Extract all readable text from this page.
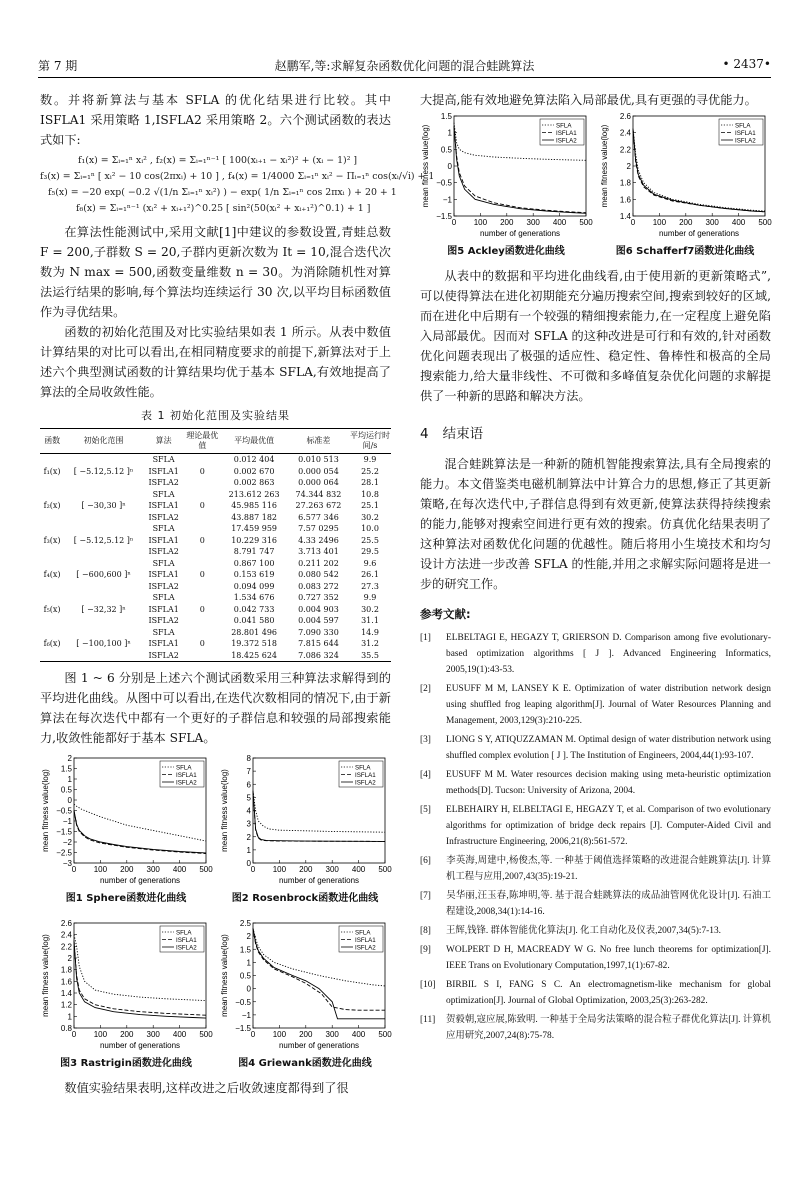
第 7 期	赵鹏军,等:求解复杂函数优化问题的混合蛙跳算法	• 2437•

数。并将新算法与基本 SFLA 的优化结果进行比较。其中 ISFLA1 采用策略 1,ISFLA2 采用策略 2。六个测试函数的表达式如下:

f₁(x) = Σᵢ₌₁ⁿ xᵢ² , f₂(x) = Σᵢ₌₁ⁿ⁻¹ [ 100(xᵢ₊₁ − xᵢ²)² + (xᵢ − 1)² ]
f₃(x) = Σᵢ₌₁ⁿ [ xᵢ² − 10 cos(2πxᵢ) + 10 ] , f₄(x) = 1/4000 Σᵢ₌₁ⁿ xᵢ² − Πᵢ₌₁ⁿ cos(xᵢ/√i) + 1
f₅(x) = −20 exp( −0.2 √(1/n Σᵢ₌₁ⁿ xᵢ²) ) − exp( 1/n Σᵢ₌₁ⁿ cos 2πxᵢ ) + 20 + 1
f₆(x) = Σᵢ₌₁ⁿ⁻¹ (xᵢ² + xᵢ₊₁²)^0.25 [ sin²(50(xᵢ² + xᵢ₊₁²)^0.1) + 1 ]

在算法性能测试中,采用文献[1]中建议的参数设置,青蛙总数 F = 200,子群数 S = 20,子群内更新次数为 It = 10,混合迭代次数为 N max = 500,函数变量维数 n = 30。为消除随机性对算法运行结果的影响,每个算法均连续运行 30 次,以平均目标函数值作为寻优结果。

函数的初始化范围及对比实验结果如表 1 所示。从表中数值计算结果的对比可以看出,在相同精度要求的前提下,新算法对于上述六个典型测试函数的计算结果均优于基本 SFLA,有效地提高了算法的全局收敛性能。

表 1 初始化范围及实验结果
函数	初始化范围	算法	理论最优值	平均最优值	标准差	平均运行时间/s
		SFLA		0.012 404	0.010 513	9.9
f₁(x)	[ −5.12,5.12 ]ⁿ	ISFLA1	0	0.002 670	0.000 054	25.2
		ISFLA2		0.002 863	0.000 064	28.1
		SFLA		213.612 263	74.344 832	10.8
f₂(x)	[ −30,30 ]ⁿ	ISFLA1	0	45.985 116	27.263 672	25.1
		ISFLA2		43.887 182	6.577 346	30.2
		SFLA		17.459 959	7.57 0295	10.0
f₃(x)	[ −5.12,5.12 ]ⁿ	ISFLA1	0	10.229 316	4.33 2496	25.5
		ISFLA2		8.791 747	3.713 401	29.5
		SFLA		0.867 100	0.211 202	9.6
f₄(x)	[ −600,600 ]ⁿ	ISFLA1	0	0.153 619	0.080 542	26.1
		ISFLA2		0.094 099	0.083 272	27.3
		SFLA		1.534 676	0.727 352	9.9
f₅(x)	[ −32,32 ]ⁿ	ISFLA1	0	0.042 733	0.004 903	30.2
		ISFLA2		0.041 580	0.004 597	31.1
		SFLA		28.801 496	7.090 330	14.9
f₆(x)	[ −100,100 ]ⁿ	ISFLA1	0	19.372 518	7.815 644	31.2
		ISFLA2		18.425 624	7.086 324	35.5

图 1 ~ 6 分别是上述六个测试函数采用三种算法求解得到的平均进化曲线。从图中可以看出,在迭代次数相同的情况下,由于新算法在每次迭代中都有一个更好的子群信息和较强的局部搜索能力,收敛性能都好于基本 SFLA。

0 100 200 300 400 500
2
1.5
1
0.5
0
−0.5
−1
−1.5
−2
−2.5
−3
number of generations
mean fitness value(log)
SFLA
ISFLA1
ISFLA2
图1 Sphere函数进化曲线
0 100 200 300 400 500
8
7
6
5
4
3
2
1
0
number of generations
mean fitness value(log)
SFLA
ISFLA1
ISFLA2
图2 Rosenbrock函数进化曲线
0 100 200 300 400 500
2.6
2.4
2.2
2
1.8
1.6
1.4
1.2
1
0.8
number of generations
mean fitness value(log)
SFLA
ISFLA1
ISFLA2
图3 Rastrigin函数进化曲线
0 100 200 300 400 500
2.5
2
1.5
1
0.5
0
−0.5
−1
−1.5
number of generations
mean fitness value(log)
SFLA
ISFLA1
ISFLA2
图4 Griewank函数进化曲线

数值实验结果表明,这样改进之后收敛速度都得到了很

大提高,能有效地避免算法陷入局部最优,具有更强的寻优能力。

0 100 200 300 400 500
1.5
1
0.5
0
−0.5
−1
−1.5
number of generations
mean fitness value(log)	SFLA
ISFLA1
ISFLA2
图5 Ackley函数进化曲线
0 100 200 300 400 500
2.6
2.4
2.2
2
1.8
1.6
1.4
number of generations
mean fitness value(log)	SFLA
ISFLA1
ISFLA2
图6 Schafferf7函数进化曲线

从表中的数据和平均进化曲线看,由于使用新的更新策略式”,可以使得算法在进化初期能充分遍历搜索空间,搜索到较好的区域,而在进化中后期有一个较强的精细搜索能力,在一定程度上避免陷入局部最优。因而对 SFLA 的这种改进是可行和有效的,针对函数优化问题表现出了极强的适应性、稳定性、鲁棒性和极高的全局搜索能力,给大量非线性、不可微和多峰值复杂优化问题的求解提供了一种新的思路和解决方法。

4 结束语

混合蛙跳算法是一种新的随机智能搜索算法,具有全局搜索的能力。本文借鉴类电磁机制算法中计算合力的思想,修正了其更新策略,在每次迭代中,子群信息得到有效更新,使算法获得持续搜索的能力,能够对搜索空间进行更有效的搜索。仿真优化结果表明了这种算法对函数优化问题的优越性。随后将用小生境技术和均匀设计方法进一步改善 SFLA 的性能,并用之求解实际问题将是进一步的研究工作。

参考文献:
[1] ELBELTAGI E, HEGAZY T, GRIERSON D. Comparison among five evolutionary-based optimization algorithms [ J ]. Advanced Engineering Informatics, 2005,19(1):43-53.
[2] EUSUFF M M, LANSEY K E. Optimization of water distribution network design using shuffled frog leaping algorithm[J]. Journal of Water Resources Planning and Management, 2003,129(3):210-225.
[3] LIONG S Y, ATIQUZZAMAN M. Optimal design of water distribution network using shuffled complex evolution [ J ]. The Institution of Engineers, 2004,44(1):93-107.
[4] EUSUFF M M. Water resources decision making using meta-heuristic optimization methods[D]. Tucson: University of Arizona, 2004.
[5] ELBEHAIRY H, ELBELTAGI E, HEGAZY T, et al. Comparison of two evolutionary algorithms for optimization of bridge deck repairs [J]. Computer-Aided Civil and Infrastructure Engineering, 2006,21(8):561-572.
[6] 李英海,周建中,杨俊杰,等. 一种基于阈值选择策略的改进混合蛙跳算法[J]. 计算机工程与应用,2007,43(35):19-21.
[7] 吴华丽,汪玉春,陈坤明,等. 基于混合蛙跳算法的成品油管网优化设计[J]. 石油工程建设,2008,34(1):14-16.
[8] 王辉,钱锋. 群体智能优化算法[J]. 化工自动化及仪表,2007,34(5):7-13.
[9] WOLPERT D H, MACREADY W G. No free lunch theorems for optimization[J]. IEEE Trans on Evolutionary Computation,1997,1(1):67-82.
[10] BIRBIL S I, FANG S C. An electromagnetism-like mechanism for global optimization[J]. Journal of Global Optimization, 2003,25(3):263-282.
[11] 贺毅朝,寇应展,陈致明. 一种基于全局劣法策略的混合粒子群优化算法[J]. 计算机应用研究,2007,24(8):75-78.
